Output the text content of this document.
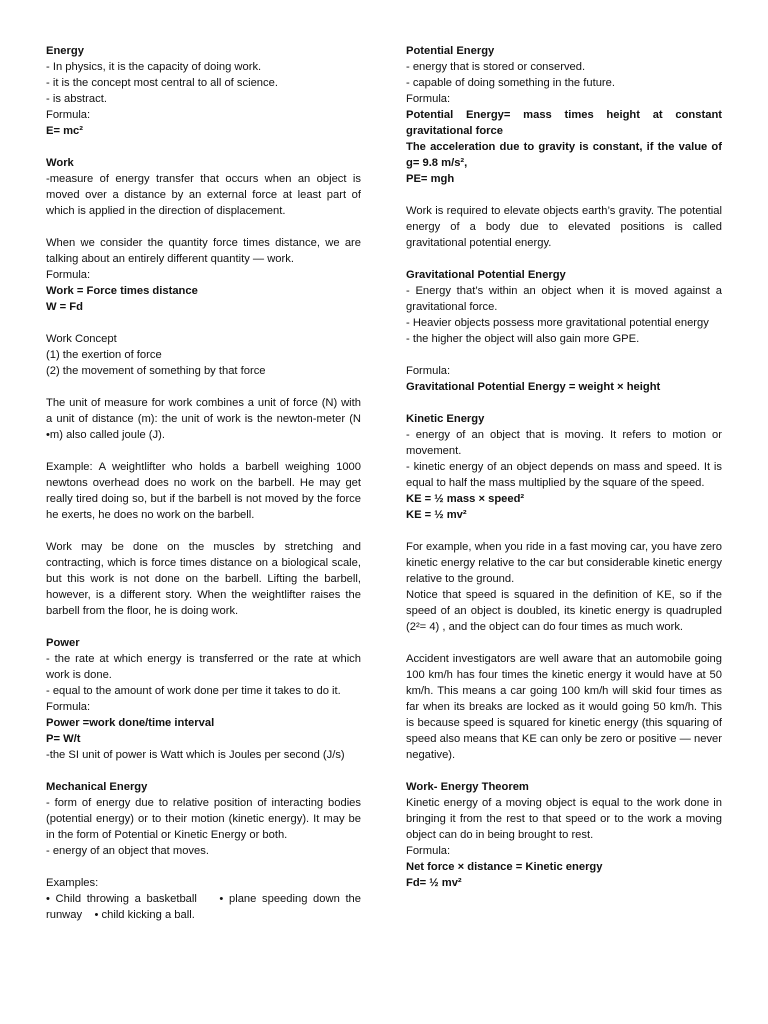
Energy
- In physics, it is the capacity of doing work.
- it is the concept most central to all of science.
- is abstract.
Formula:
E= mc²
Work
-measure of energy transfer that occurs when an object is moved over a distance by an external force at least part of which is applied in the direction of displacement.
When we consider the quantity force times distance, we are talking about an entirely different quantity — work.
Formula:
Work = Force times distance
W = Fd
Work Concept
(1) the exertion of force
(2) the movement of something by that force
The unit of measure for work combines a unit of force (N) with a unit of distance (m): the unit of work is the newton-meter (N •m) also called joule (J).
Example: A weightlifter who holds a barbell weighing 1000 newtons overhead does no work on the barbell. He may get really tired doing so, but if the barbell is not moved by the force he exerts, he does no work on the barbell.
Work may be done on the muscles by stretching and contracting, which is force times distance on a biological scale, but this work is not done on the barbell. Lifting the barbell, however, is a different story. When the weightlifter raises the barbell from the floor, he is doing work.
Power
- the rate at which energy is transferred or the rate at which work is done.
- equal to the amount of work done per time it takes to do it.
Formula:
Power =work done/time interval
P= W/t
-the SI unit of power is Watt which is Joules per second (J/s)
Mechanical Energy
- form of energy due to relative position of interacting bodies (potential energy) or to their motion (kinetic energy). It may be in the form of Potential or Kinetic Energy or both.
- energy of an object that moves.
Examples:
• Child throwing a basketball    • plane speeding down the runway    • child kicking a ball.
Potential Energy
- energy that is stored or conserved.
- capable of doing something in the future.
Formula:
Potential Energy= mass times height at constant gravitational force
The acceleration due to gravity is constant, if the value of g= 9.8 m/s²,
PE= mgh
Work is required to elevate objects earth’s gravity. The potential energy of a body due to elevated positions is called gravitational potential energy.
Gravitational Potential Energy
- Energy that’s within an object when it is moved against a gravitational force.
- Heavier objects possess more gravitational potential energy
- the higher the object will also gain more GPE.
Formula:
Gravitational Potential Energy = weight × height
Kinetic Energy
- energy of an object that is moving. It refers to motion or movement.
- kinetic energy of an object depends on mass and speed. It is equal to half the mass multiplied by the square of the speed.
KE = ½ mass × speed²
KE = ½ mv²
For example, when you ride in a fast moving car, you have zero kinetic energy relative to the car but considerable kinetic energy relative to the ground.
Notice that speed is squared in the definition of KE, so if the speed of an object is doubled, its kinetic energy is quadrupled (2²= 4) , and the object can do four times as much work.
Accident investigators are well aware that an automobile going 100 km/h has four times the kinetic energy it would have at 50 km/h. This means a car going 100 km/h will skid four times as far when its breaks are locked as it would going 50 km/h. This is because speed is squared for kinetic energy (this squaring of speed also means that KE can only be zero or positive — never negative).
Work- Energy Theorem
Kinetic energy of a moving object is equal to the work done in bringing it from the rest to that speed or to the work a moving object can do in being brought to rest.
Formula:
Net force × distance = Kinetic energy
Fd= ½ mv²
